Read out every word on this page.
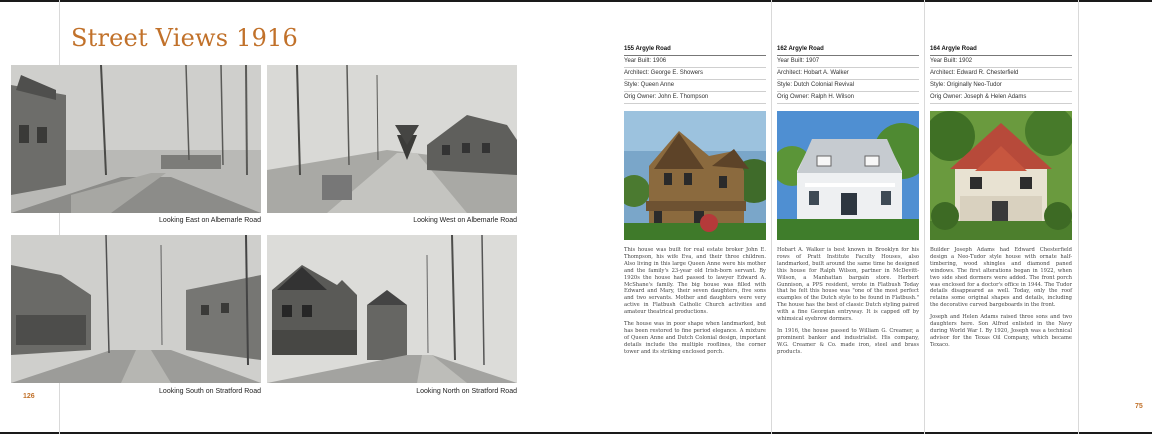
Street Views 1916
Looking East on Albemarle Road	Looking West on Albemarle Road
Looking South on Stratford Road	Looking North on Stratford Road
126
75
155 Argyle Road
Year Built: 1906
Architect: George E. Showers
Style: Queen Anne
Orig Owner: John E. Thompson

This house was built for real estate broker John E. Thompson, his wife Eva, and their three children. Also living in this large Queen Anne were his mother and the family's 23-year old Irish-born servant. By 1920s the house had passed to lawyer Edward A. McShane's family. The big house was filled with Edward and Mary, their seven daughters, five sons and two servants. Mother and daughters were very active in Flatbush Catholic Church activities and amateur theatrical productions.

The house was in poor shape when landmarked, but has been restored to fine period elegance. A mixture of Queen Anne and Dutch Colonial design, important details include the multiple rooflines, the corner tower and its striking enclosed porch.

162 Argyle Road
Year Built: 1907
Architect: Hobart A. Walker
Style: Dutch Colonial Revival
Orig Owner: Ralph H. Wilson

Hobart A. Walker is best known in Brooklyn for his rows of Pratt Institute Faculty Houses, also landmarked, built around the same time he designed this house for Ralph Wilson, partner in McDevitt-Wilson, a Manhattan bargain store. Herbert Gunnison, a PPS resident, wrote in Flatbush Today that he felt this house was "one of the most perfect examples of the Dutch style to be found in Flatbush." The house has the best of classic Dutch styling paired with a fine Georgian entryway. It is capped off by whimsical eyebrow dormers.

In 1916, the house passed to William G. Creamer, a prominent banker and industrialist. His company, W.G. Creamer & Co. made iron, steel and brass products.

164 Argyle Road
Year Built: 1902
Architect: Edward R. Chesterfield
Style: Originally Neo-Tudor
Orig Owner: Joseph & Helen Adams

Builder Joseph Adams had Edward Chesterfield design a Neo-Tudor style house with ornate half-timbering, wood shingles and diamond paned windows. The first alterations began in 1922, when two side shed dormers were added. The front porch was enclosed for a doctor's office in 1944. The Tudor details disappeared as well. Today, only the roof retains some original shapes and details, including the decorative curved bargeboards in the front.

Joseph and Helen Adams raised three sons and two daughters here. Son Alfred enlisted in the Navy during World War I. By 1920, Joseph was a technical advisor for the Texas Oil Company, which became Texaco.
